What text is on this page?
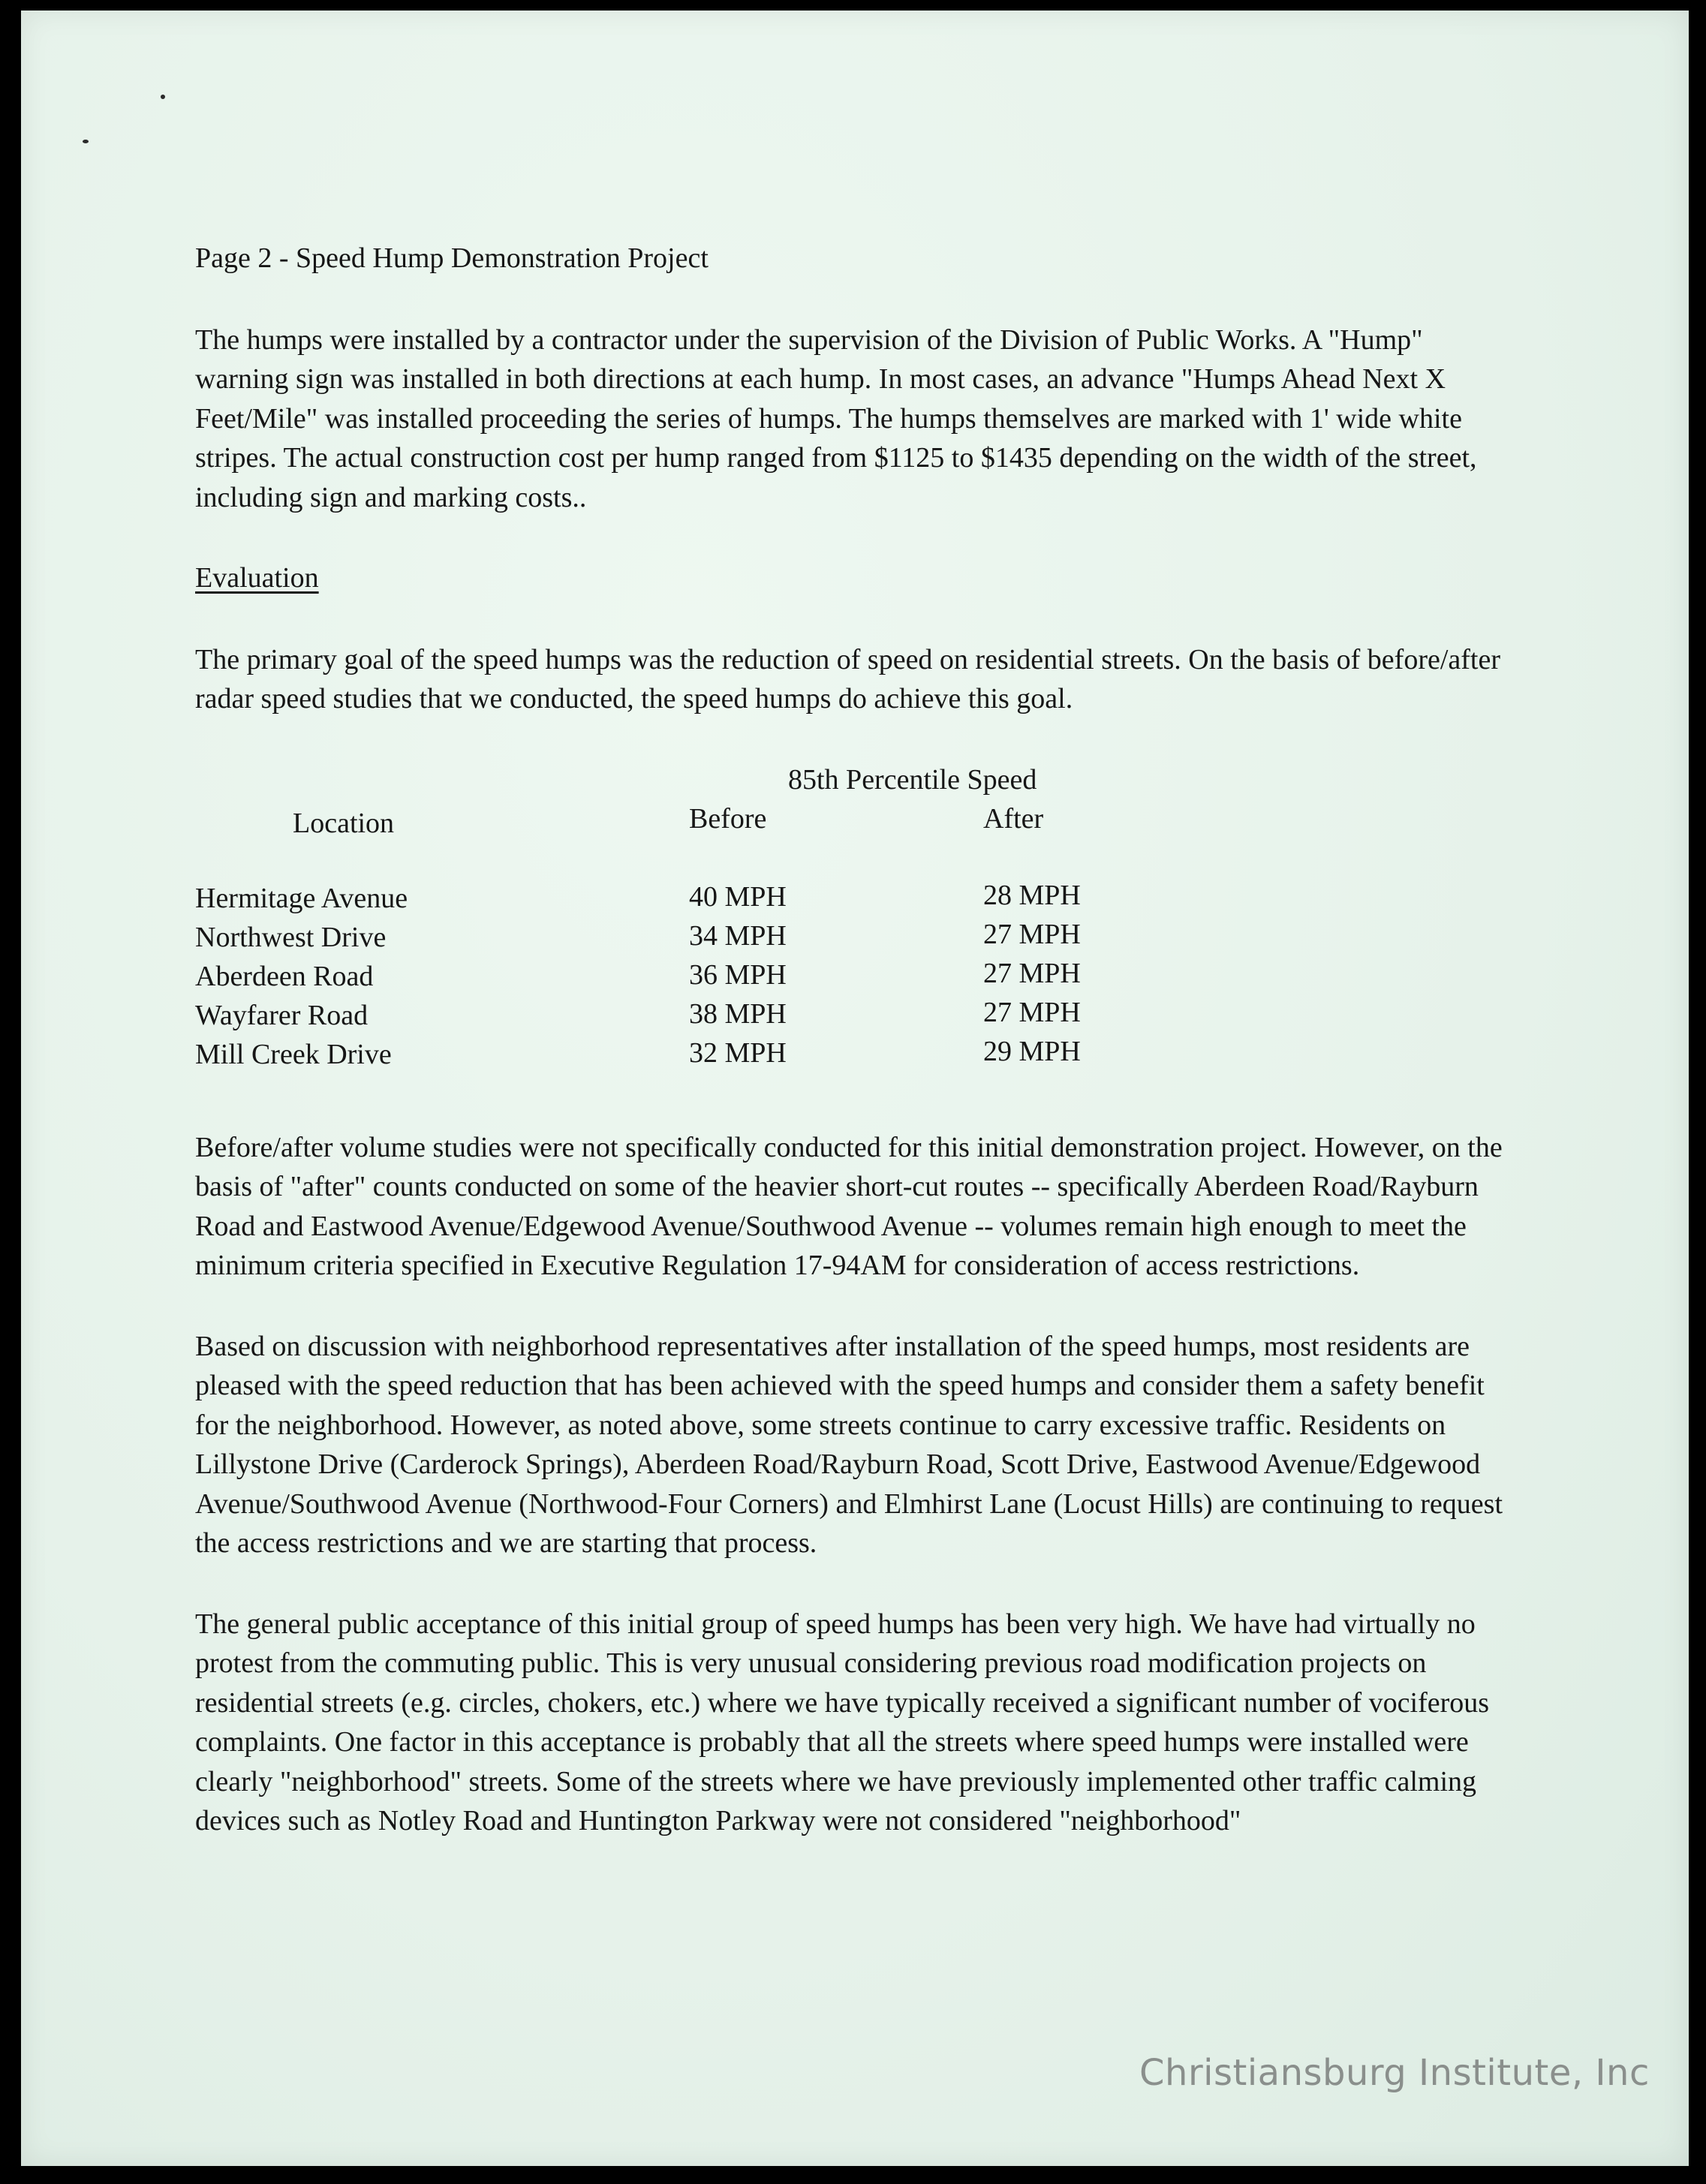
Page 2 - Speed Hump Demonstration Project
The humps were installed by a contractor under the supervision of the Division of Public Works. A "Hump" warning sign was installed in both directions at each hump. In most cases, an advance "Humps Ahead Next X Feet/Mile" was installed proceeding the series of humps. The humps themselves are marked with 1' wide white stripes. The actual construction cost per hump ranged from $1125 to $1435 depending on the width of the street, including sign and marking costs..
Evaluation
The primary goal of the speed humps was the reduction of speed on residential streets. On the basis of before/after radar speed studies that we conducted, the speed humps do achieve this goal.
85th Percentile Speed
Location	Before	After
Hermitage Avenue	40 MPH	28 MPH
Northwest Drive	34 MPH	27 MPH
Aberdeen Road	36 MPH	27 MPH
Wayfarer Road	38 MPH	27 MPH
Mill Creek Drive	32 MPH	29 MPH
Before/after volume studies were not specifically conducted for this initial demonstration project. However, on the basis of "after" counts conducted on some of the heavier short-cut routes -- specifically Aberdeen Road/Rayburn Road and Eastwood Avenue/Edgewood Avenue/Southwood Avenue -- volumes remain high enough to meet the minimum criteria specified in Executive Regulation 17-94AM for consideration of access restrictions.
Based on discussion with neighborhood representatives after installation of the speed humps, most residents are pleased with the speed reduction that has been achieved with the speed humps and consider them a safety benefit for the neighborhood. However, as noted above, some streets continue to carry excessive traffic. Residents on Lillystone Drive (Carderock Springs), Aberdeen Road/Rayburn Road, Scott Drive, Eastwood Avenue/Edgewood Avenue/Southwood Avenue (Northwood-Four Corners) and Elmhirst Lane (Locust Hills) are continuing to request the access restrictions and we are starting that process.
The general public acceptance of this initial group of speed humps has been very high. We have had virtually no protest from the commuting public. This is very unusual considering previous road modification projects on residential streets (e.g. circles, chokers, etc.) where we have typically received a significant number of vociferous complaints. One factor in this acceptance is probably that all the streets where speed humps were installed were clearly "neighborhood" streets. Some of the streets where we have previously implemented other traffic calming devices such as Notley Road and Huntington Parkway were not considered "neighborhood"
Christiansburg Institute, Inc
